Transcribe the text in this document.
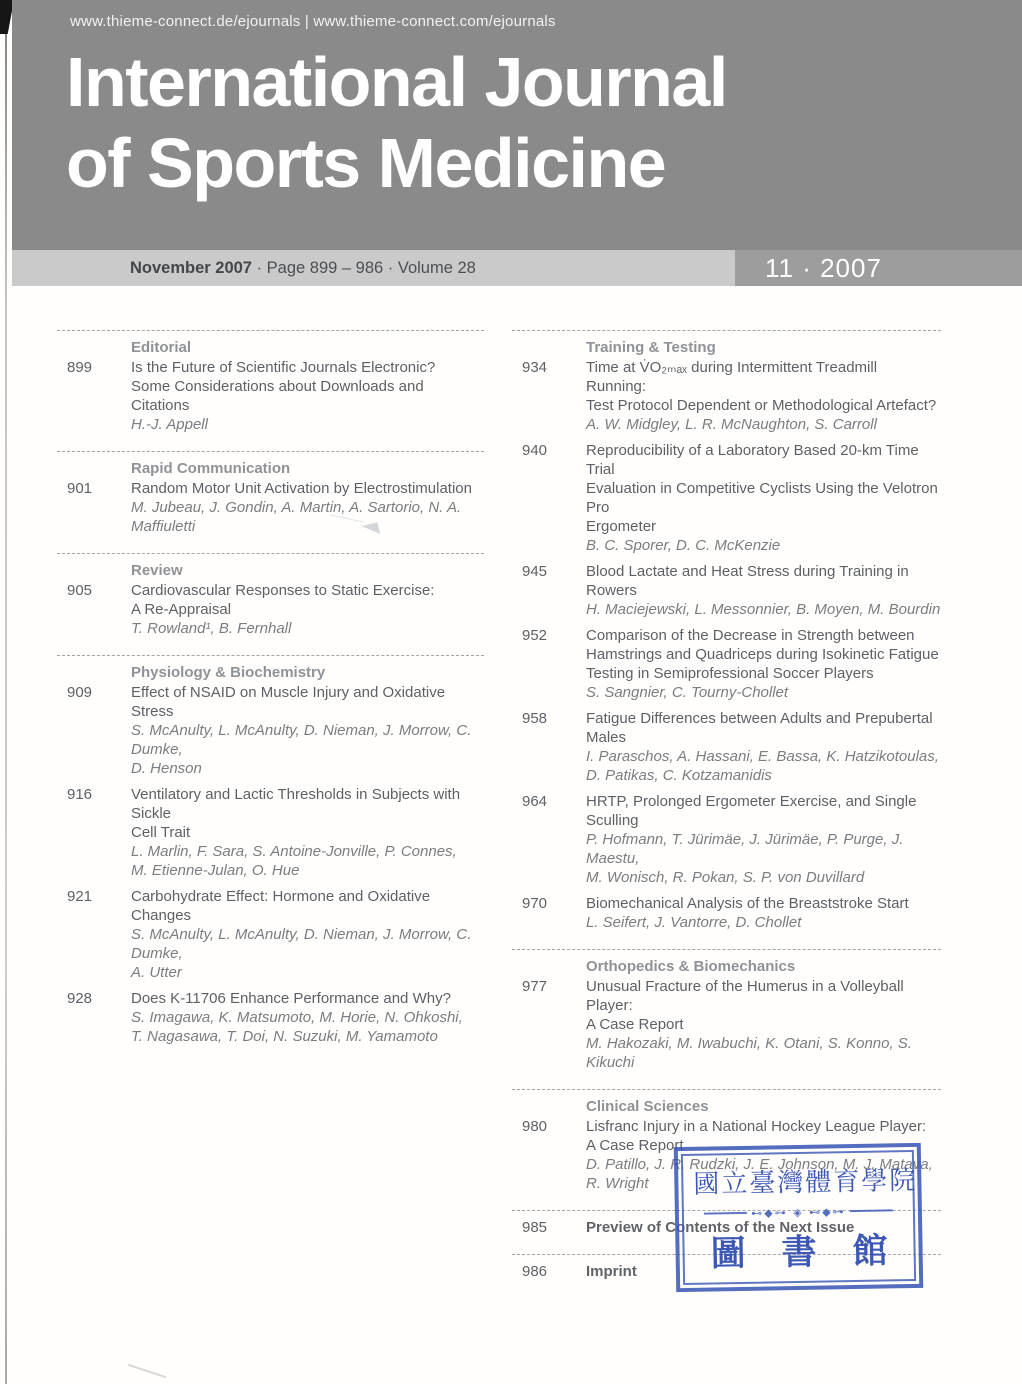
www.thieme-connect.de/ejournals | www.thieme-connect.com/ejournals
International Journal
of Sports Medicine
November 2007 · Page 899 – 986 · Volume 28	11 · 2007
Editorial
899	Is the Future of Scientific Journals Electronic?
Some Considerations about Downloads and Citations
H.-J. Appell
Rapid Communication
901	Random Motor Unit Activation by Electrostimulation
M. Jubeau, J. Gondin, A. Martin, A. Sartorio, N. A. Maffiuletti
Review
905	Cardiovascular Responses to Static Exercise:
A Re-Appraisal
T. Rowland¹, B. Fernhall
Physiology & Biochemistry
909	Effect of NSAID on Muscle Injury and Oxidative Stress
S. McAnulty, L. McAnulty, D. Nieman, J. Morrow, C. Dumke,
D. Henson
916	Ventilatory and Lactic Thresholds in Subjects with Sickle
Cell Trait
L. Marlin, F. Sara, S. Antoine-Jonville, P. Connes,
M. Etienne-Julan, O. Hue
921	Carbohydrate Effect: Hormone and Oxidative Changes
S. McAnulty, L. McAnulty, D. Nieman, J. Morrow, C. Dumke,
A. Utter
928	Does K-11706 Enhance Performance and Why?
S. Imagawa, K. Matsumoto, M. Horie, N. Ohkoshi,
T. Nagasawa, T. Doi, N. Suzuki, M. Yamamoto
Training & Testing
934	Time at V̇O₂ₘₐₓ during Intermittent Treadmill Running:
Test Protocol Dependent or Methodological Artefact?
A. W. Midgley, L. R. McNaughton, S. Carroll
940	Reproducibility of a Laboratory Based 20-km Time Trial
Evaluation in Competitive Cyclists Using the Velotron Pro
Ergometer
B. C. Sporer, D. C. McKenzie
945	Blood Lactate and Heat Stress during Training in Rowers
H. Maciejewski, L. Messonnier, B. Moyen, M. Bourdin
952	Comparison of the Decrease in Strength between
Hamstrings and Quadriceps during Isokinetic Fatigue
Testing in Semiprofessional Soccer Players
S. Sangnier, C. Tourny-Chollet
958	Fatigue Differences between Adults and Prepubertal
Males
I. Paraschos, A. Hassani, E. Bassa, K. Hatzikotoulas,
D. Patikas, C. Kotzamanidis
964	HRTP, Prolonged Ergometer Exercise, and Single Sculling
P. Hofmann, T. Jürimäe, J. Jürimäe, P. Purge, J. Maestu,
M. Wonisch, R. Pokan, S. P. von Duvillard
970	Biomechanical Analysis of the Breaststroke Start
L. Seifert, J. Vantorre, D. Chollet
Orthopedics & Biomechanics
977	Unusual Fracture of the Humerus in a Volleyball Player:
A Case Report
M. Hakozaki, M. Iwabuchi, K. Otani, S. Konno, S. Kikuchi
Clinical Sciences
980	Lisfranc Injury in a National Hockey League Player:
A Case Report
D. Patillo, J. R. Rudzki, J. E. Johnson, M. J. Matava, R. Wright
985	Preview of Contents of the Next Issue
986	Imprint
國立臺灣體育學院
⊷◆⊶ ◈ ⊷◆⊶
圖 書 館
